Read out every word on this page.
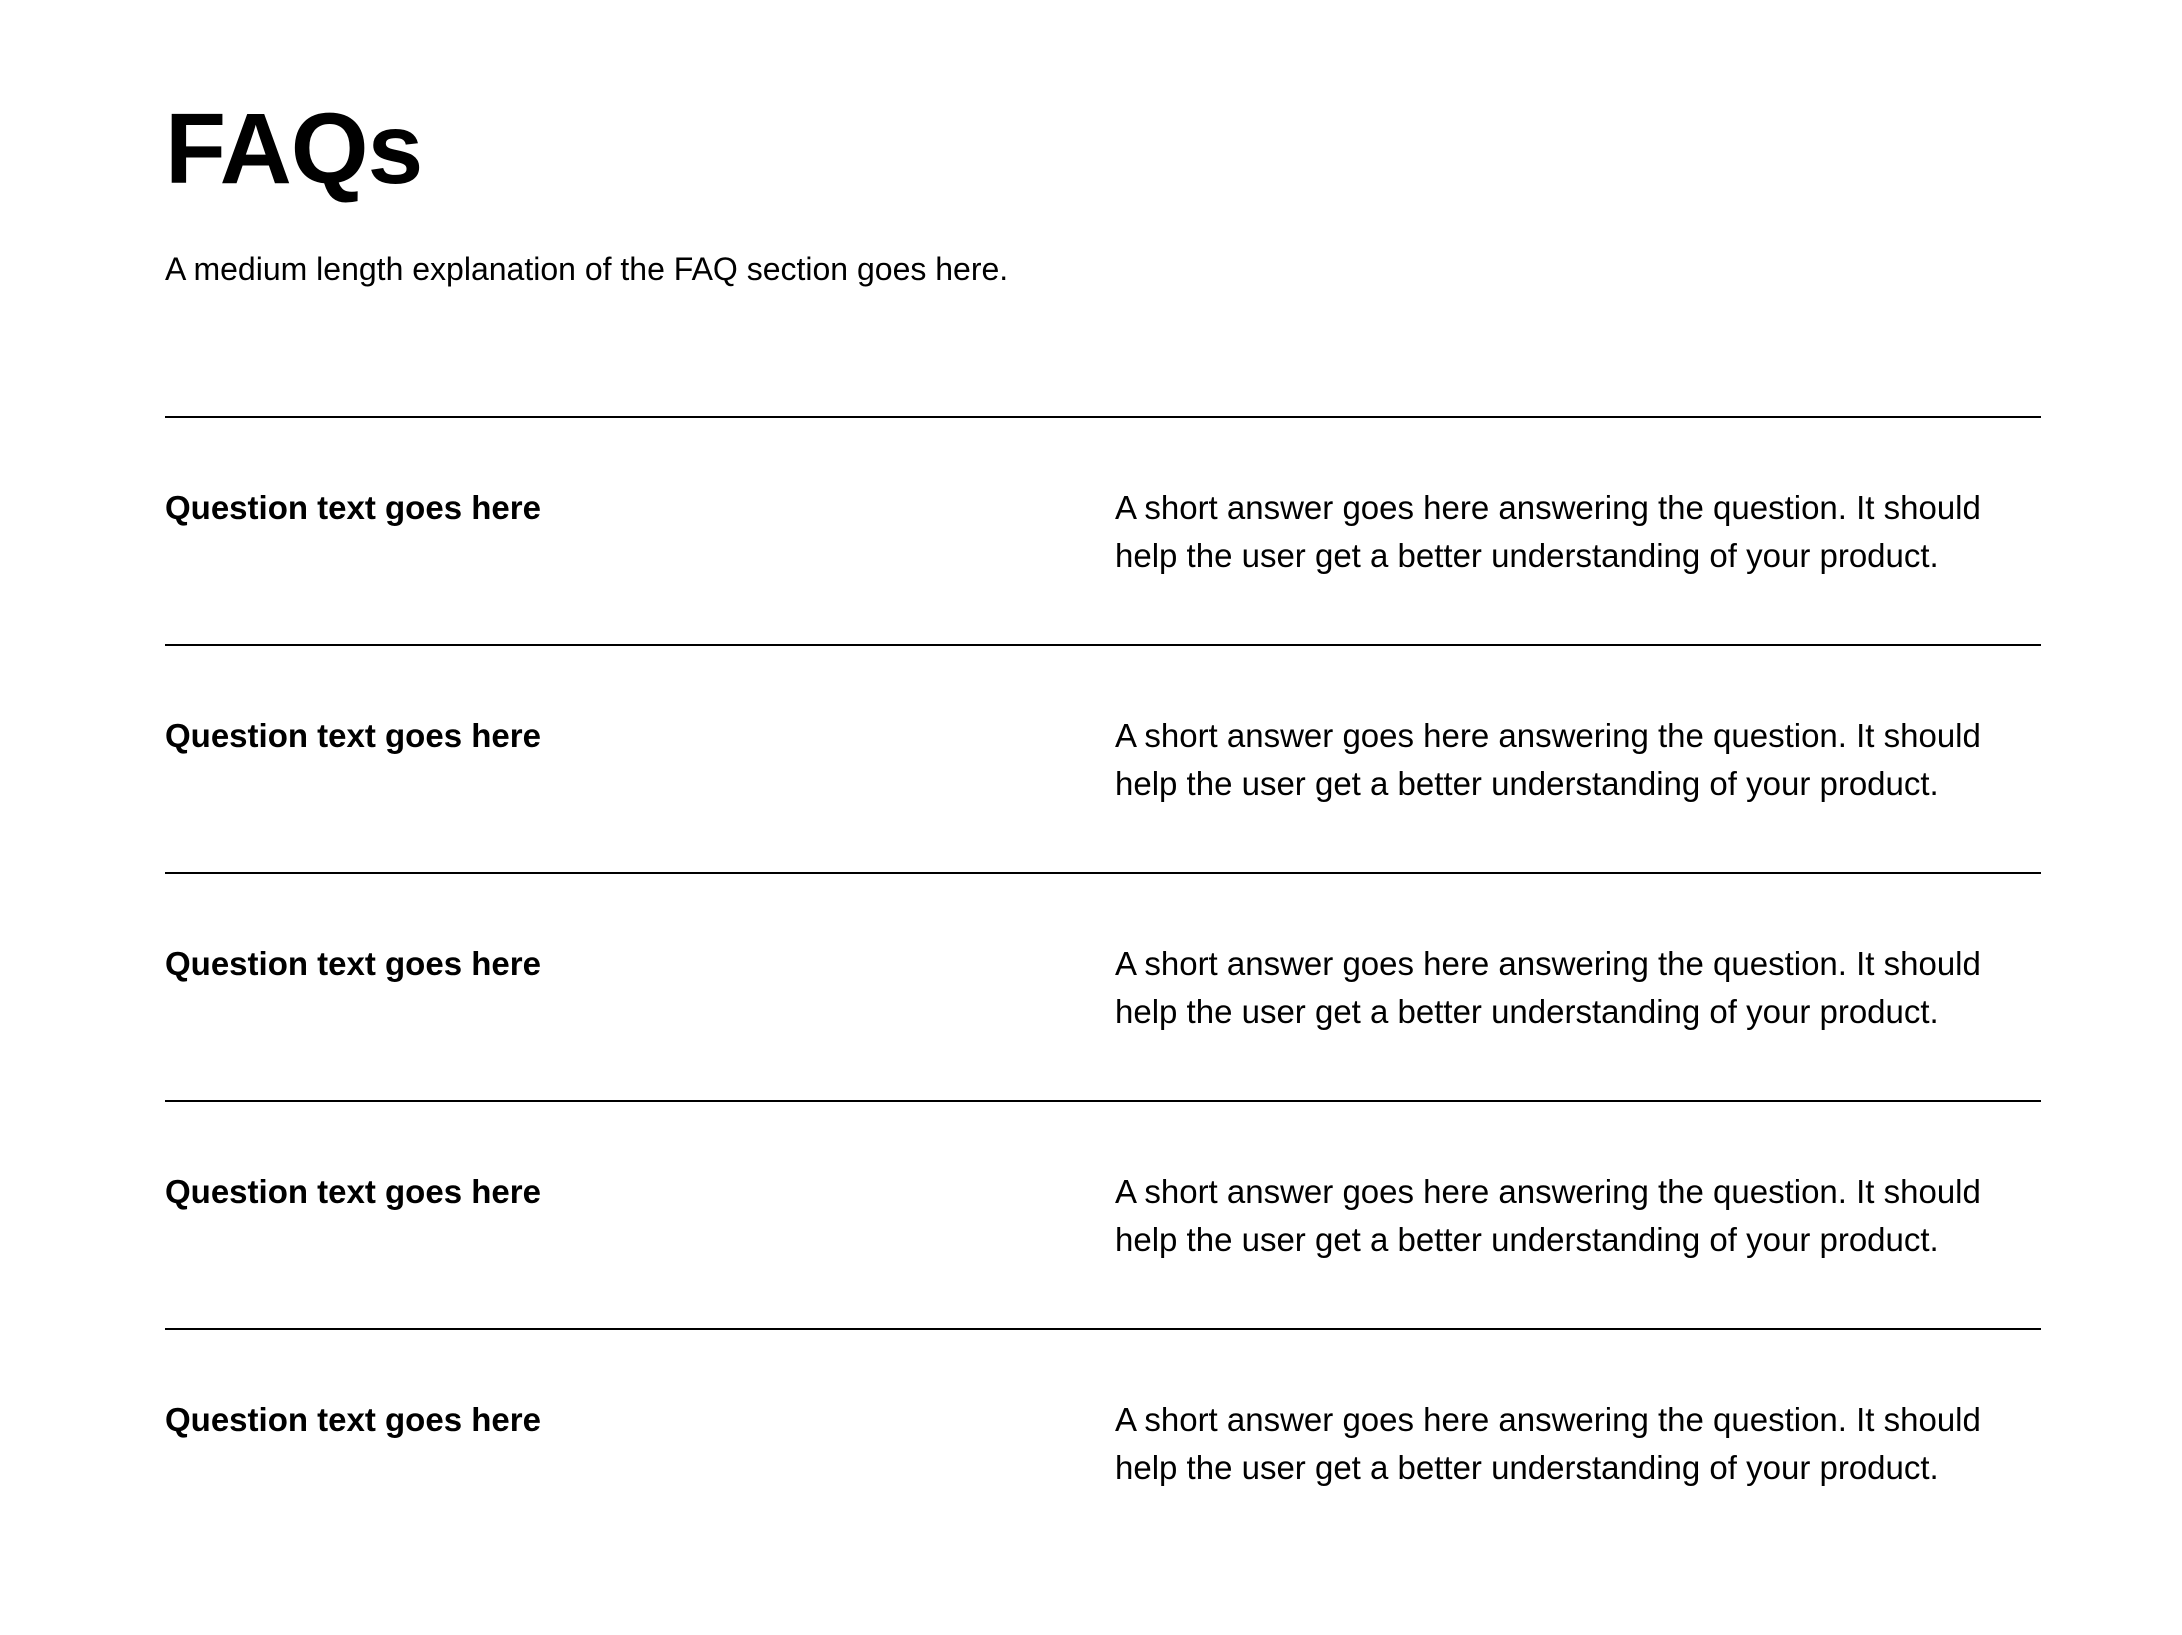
FAQs

A medium length explanation of the FAQ section goes here.

Question text goes here	A short answer goes here answering the question. It should help the user get a better understanding of your product.
Question text goes here	A short answer goes here answering the question. It should help the user get a better understanding of your product.
Question text goes here	A short answer goes here answering the question. It should help the user get a better understanding of your product.
Question text goes here	A short answer goes here answering the question. It should help the user get a better understanding of your product.
Question text goes here	A short answer goes here answering the question. It should help the user get a better understanding of your product.
